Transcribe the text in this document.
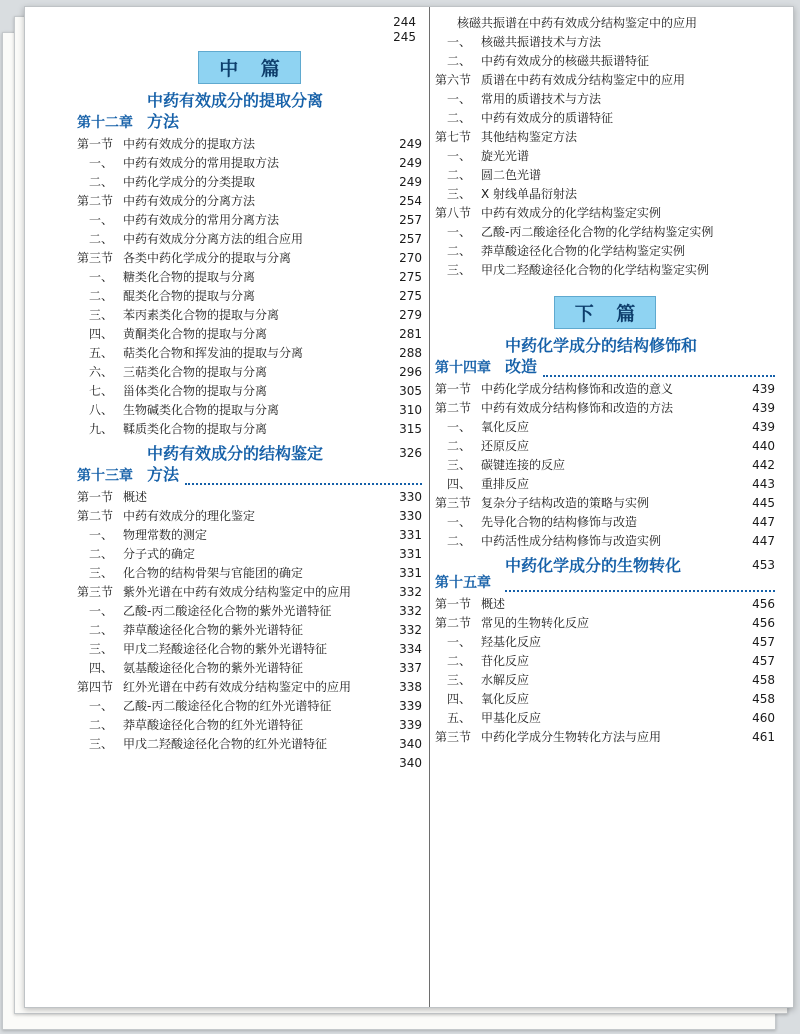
244
245
中 篇
第十二章
中药有效成分的提取分离
方法
第一节 中药有效成分的提取方法	249
一、 中药有效成分的常用提取方法	249
二、 中药化学成分的分类提取	249
第二节 中药有效成分的分离方法	254
一、 中药有效成分的常用分离方法	257
二、 中药有效成分分离方法的组合应用	257
第三节 各类中药化学成分的提取与分离	270
一、 糖类化合物的提取与分离	275
二、 醌类化合物的提取与分离	275
三、 苯丙素类化合物的提取与分离	279
四、 黄酮类化合物的提取与分离	281
五、 萜类化合物和挥发油的提取与分离	288
六、 三萜类化合物的提取与分离	296
七、 甾体类化合物的提取与分离	305
八、 生物碱类化合物的提取与分离	310
九、 鞣质类化合物的提取与分离	315
第十三章
中药有效成分的结构鉴定	326
方法
第一节 概述	330
第二节 中药有效成分的理化鉴定	330
一、 物理常数的测定	331
二、 分子式的确定	331
三、 化合物的结构骨架与官能团的确定	331
第三节 紫外光谱在中药有效成分结构鉴定中的应用	332
一、 乙酸-丙二酸途径化合物的紫外光谱特征	332
二、 莽草酸途径化合物的紫外光谱特征	332
三、 甲戊二羟酸途径化合物的紫外光谱特征	334
四、 氨基酸途径化合物的紫外光谱特征	337
第四节 红外光谱在中药有效成分结构鉴定中的应用	338
一、 乙酸-丙二酸途径化合物的红外光谱特征	339
二、 莽草酸途径化合物的红外光谱特征	339
三、 甲戊二羟酸途径化合物的红外光谱特征	340
340
核磁共振谱在中药有效成分结构鉴定中的应用
一、 核磁共振谱技术与方法
二、 中药有效成分的核磁共振谱特征
第六节 质谱在中药有效成分结构鉴定中的应用
一、 常用的质谱技术与方法
二、 中药有效成分的质谱特征
第七节 其他结构鉴定方法
一、 旋光光谱
二、 圆二色光谱
三、 X 射线单晶衍射法
第八节 中药有效成分的化学结构鉴定实例
一、 乙酸-丙二酸途径化合物的化学结构鉴定实例
二、 莽草酸途径化合物的化学结构鉴定实例
三、 甲戊二羟酸途径化合物的化学结构鉴定实例
下 篇
第十四章
中药化学成分的结构修饰和
改造
第一节 中药化学成分结构修饰和改造的意义	439
第二节 中药有效成分结构修饰和改造的方法	439
一、 氧化反应	439
二、 还原反应	440
三、 碳键连接的反应	442
四、 重排反应	443
第三节 复杂分子结构改造的策略与实例	445
一、 先导化合物的结构修饰与改造	447
二、 中药活性成分结构修饰与改造实例	447
第十五章
中药化学成分的生物转化	453
第一节 概述	456
第二节 常见的生物转化反应	456
一、 羟基化反应	457
二、 苷化反应	457
三、 水解反应	458
四、 氧化反应	458
五、 甲基化反应	460
第三节 中药化学成分生物转化方法与应用	461
